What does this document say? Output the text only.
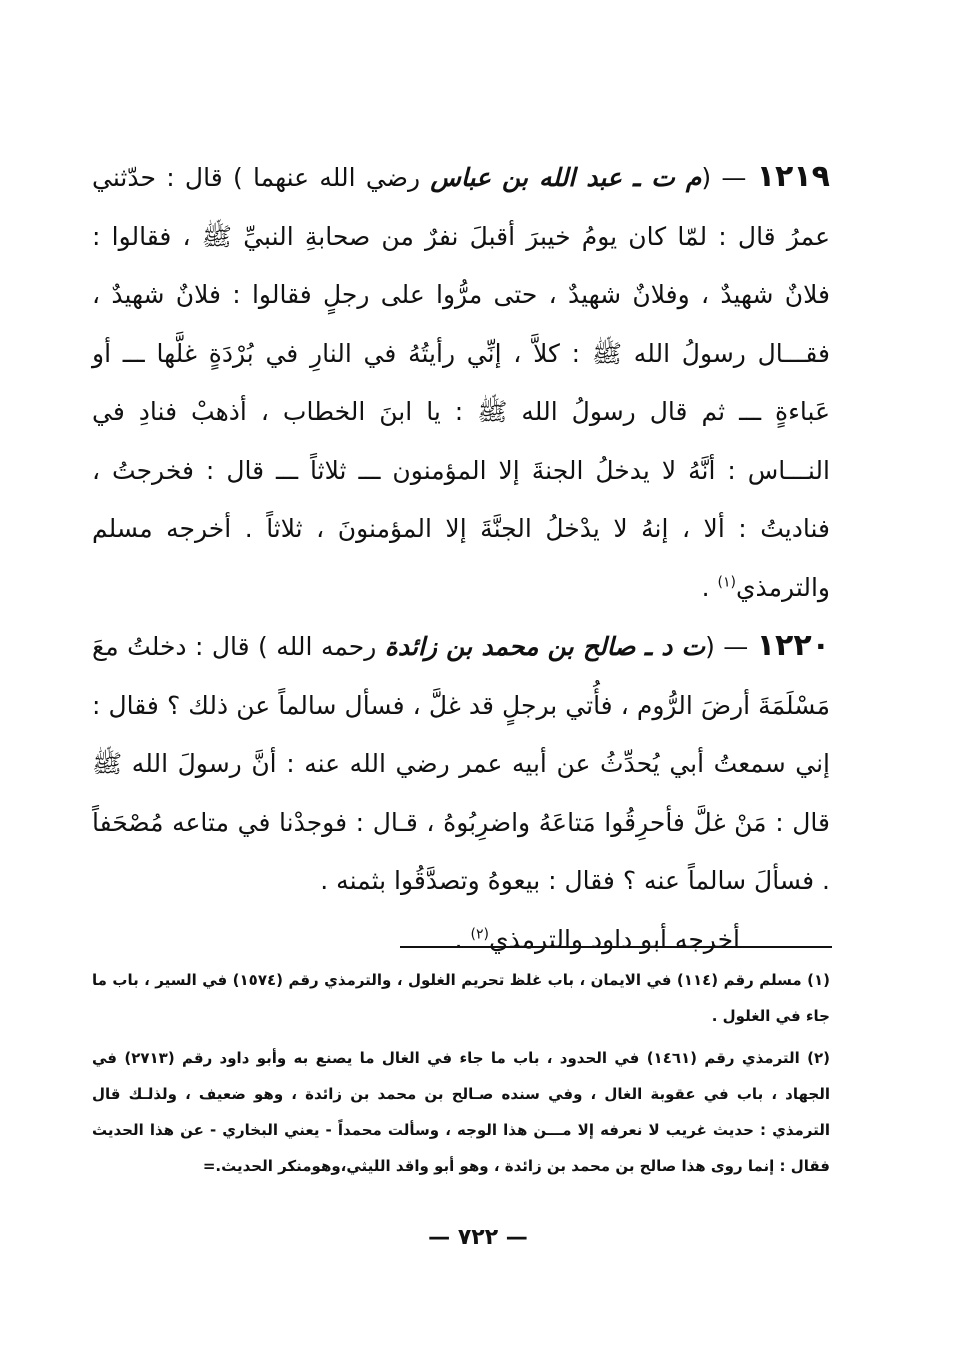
١٢١٩ — (م ت ـ عبد الله بن عباس رضي الله عنهما ) قال : حدّثني عمرُ قال : لمّا كان يومُ خيبرَ أقبلَ نفرٌ من صحابةِ النبيِّ ﷺ ، فقالوا : فلانٌ شهيدٌ ، وفلانٌ شهيدٌ ، حتى مرُّوا على رجلٍ فقالوا : فلانٌ شهيدٌ ، فقـــال رسولُ الله ﷺ : كلاَّ ، إنِّي رأيتُهُ في النارِ في بُرْدَةٍ غلَّها ـــ أو عَباءةٍ ـــ ثم قال رسولُ الله ﷺ : يا ابنَ الخطاب ، أذهبْ فنادِ في النـــاس : أنَّهُ لا يدخلُ الجنةَ إلا المؤمنون ـــ ثلاثاً ـــ قال : فخرجتُ ، فناديتُ : ألا ، إنهُ لا يدْخلُ الجنَّةَ إلا المؤمنونَ ، ثلاثاً . أخرجه مسلم والترمذي$^{(١)}$ .

١٢٢٠ — (ت د ـ صالح بن محمد بن زائدة رحمه الله ) قال : دخلتُ معَ مَسْلَمَةَ أرضَ الرُّوم ، فأُتي برجلٍ قد غلَّ ، فسأل سالماً عن ذلك ؟ فقال : إني سمعتُ أبي يُحدِّثُ عن أبيه عمر رضي الله عنه : أنَّ رسولَ الله ﷺ قال : مَنْ غلَّ فأحرِقُوا مَتاعَهُ واضرِبُوهُ ، قـال : فوجدْنا في متاعه مُصْحَفاً . فسألَ سالماً عنه ؟ فقال : بيعوهُ وتصدَّقُوا بثمنه .
أخرجه أبو داود والترمذي$^{(٢)}$ .

(١) مسلم رقم (١١٤) في الايمان ، باب غلظ تحريم الغلول ، والترمذي رقم (١٥٧٤) في السير ، باب ما جاء في الغلول .

(٢) الترمذي رقم (١٤٦١) في الحدود ، باب ما جاء في الغال ما يصنع به وأبو داود رقم (٢٧١٣) في الجهاد ، باب في عقوبة الغال ، وفي سنده صـالح بن محمد بن زائدة ، وهو ضعيف ، ولذلـك قال الترمذي : حديث غريب لا نعرفه إلا مـــن هذا الوجه ، وسألت محمداً - يعني البخاري - عن هذا الحديث فقال : إنما روى هذا صالح بن محمد بن زائدة ، وهو أبو واقد الليثي،وهومنكر الحديث.=

— ٧٢٢ —
